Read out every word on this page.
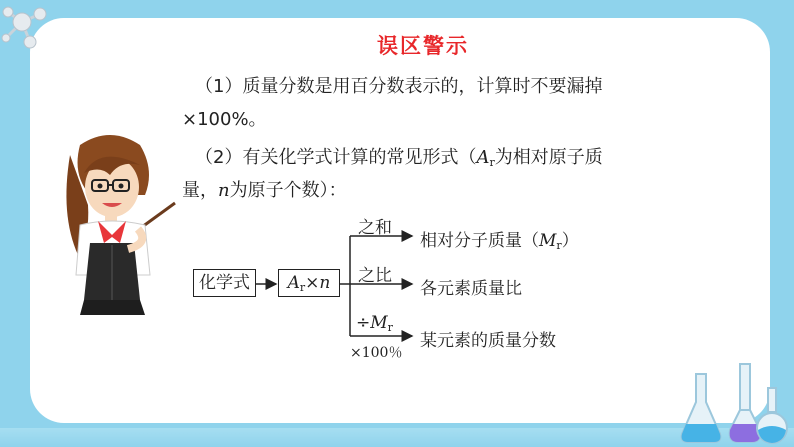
误区警示
（1）质量分数是用百分数表示的，计算时不要漏掉
×100%。
（2）有关化学式计算的常见形式（$A_r$为相对原子质
量，n为原子个数）：
化学式	$A_r\times n$
之和
相对分子质量$(M_r)$
之比
各元素质量比
$\div M_r$
×100％
某元素的质量分数
